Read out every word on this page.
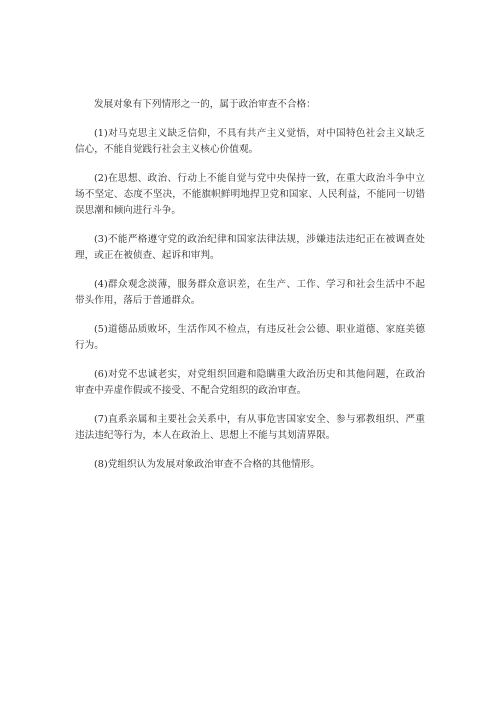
发展对象有下列情形之一的，属于政治审查不合格：

(1)对马克思主义缺乏信仰，不具有共产主义觉悟，对中国特色社会主义缺乏信心，不能自觉践行社会主义核心价值观。

(2)在思想、政治、行动上不能自觉与党中央保持一致，在重大政治斗争中立场不坚定、态度不坚决，不能旗帜鲜明地捍卫党和国家、人民利益，不能同一切错误思潮和倾向进行斗争。

(3)不能严格遵守党的政治纪律和国家法律法规，涉嫌违法违纪正在被调查处理，或正在被侦查、起诉和审判。

(4)群众观念淡薄，服务群众意识差，在生产、工作、学习和社会生活中不起带头作用，落后于普通群众。

(5)道德品质败坏，生活作风不检点，有违反社会公德、职业道德、家庭美德行为。

(6)对党不忠诚老实，对党组织回避和隐瞒重大政治历史和其他问题，在政治审查中弄虚作假或不接受、不配合党组织的政治审查。

(7)直系亲属和主要社会关系中，有从事危害国家安全、参与邪教组织、严重违法违纪等行为，本人在政治上、思想上不能与其划清界限。

(8)党组织认为发展对象政治审查不合格的其他情形。
